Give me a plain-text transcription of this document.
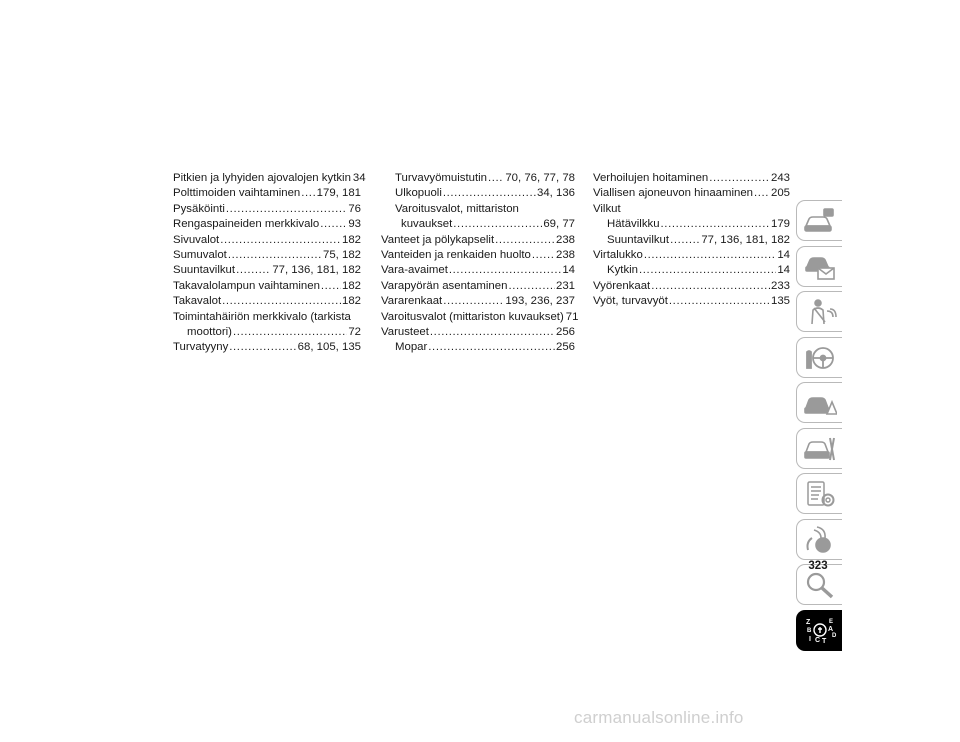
Pitkien ja lyhyiden ajovalojen kytkin 34
Polttimoiden vaihtaminen ..... 179, 181
Pysäköinti .....	76
Rengaspaineiden merkkivalo .....	93
Sivuvalot .....	182
Sumuvalot .....	75, 182
Suuntavilkut .....	77, 136, 181, 182
Takavalolampun vaihtaminen ..... 182
Takavalot .....	182
Toimintahäiriön merkkivalo (tarkista
moottori) .....	72
Turvatyyny .....	68, 105, 135
Turvavyömuistutin ..... 70, 76, 77, 78
Ulkopuoli .....	34, 136
Varoitusvalot, mittariston
kuvaukset .....	69, 77
Vanteet ja pölykapselit .....	238
Vanteiden ja renkaiden huolto ..... 238
Vara-avaimet .....	14
Varapyörän asentaminen .....	231
Vararenkaat .....	193, 236, 237
Varoitusvalot (mittariston kuvaukset) 71
Varusteet .....	256
Mopar .....	256
Verhoilujen hoitaminen .....	243
Viallisen ajoneuvon hinaaminen ..... 205
Vilkut
Hätävilkku .....	179
Suuntavilkut .....	77, 136, 181, 182
Virtalukko .....	14
Kytkin .....	14
Vyörenkaat .....	233
Vyöt, turvavyöt .....	135
Z	E
B A
D
I C T
323
carmanualsonline.info
